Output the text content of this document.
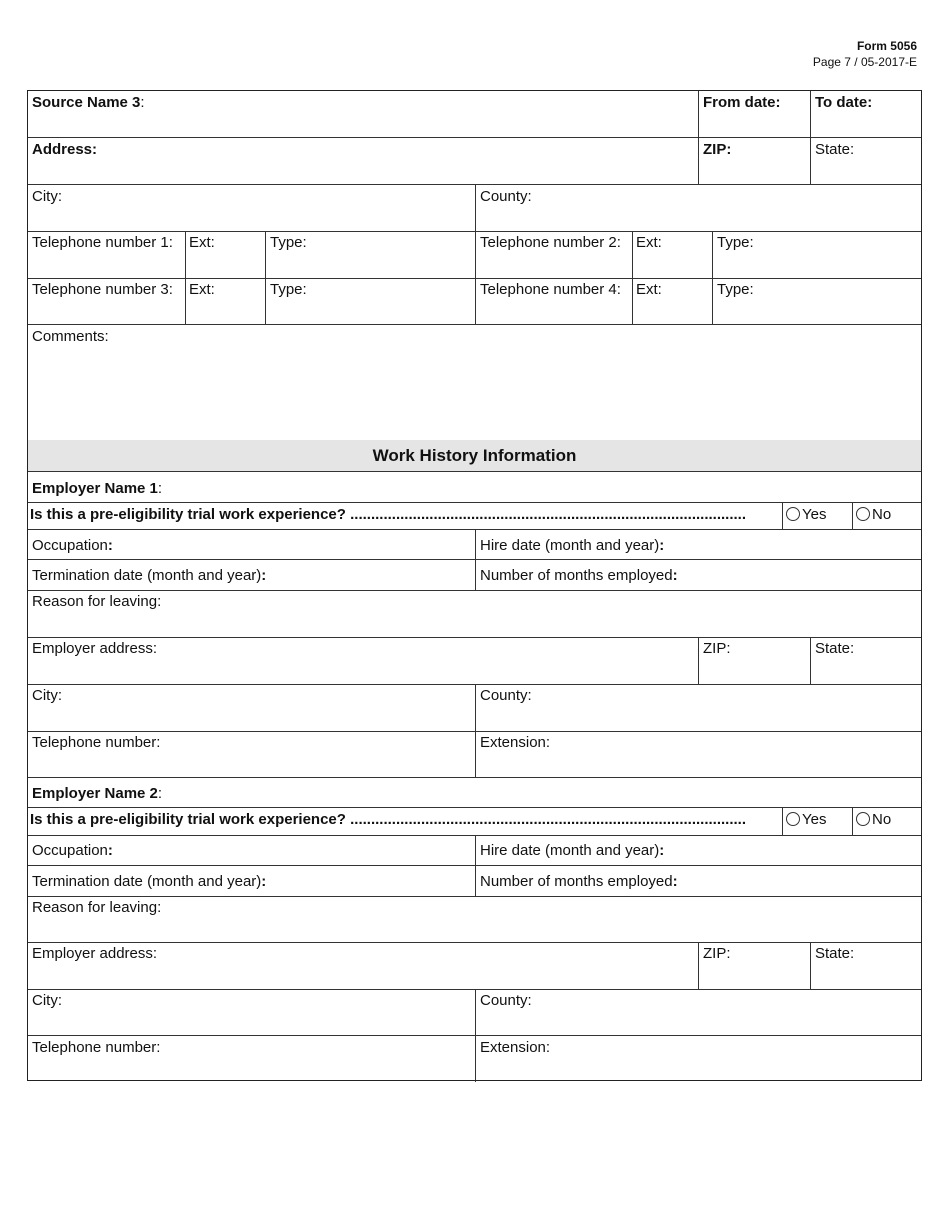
Form 5056
Page 7 / 05-2017-E
Source Name 3:	From date: To date:
Address:	ZIP:	State:
City:	County:
Telephone number 1: Ext:	Type:	Telephone number 2: Ext:	Type:
Telephone number 3: Ext:	Type:	Telephone number 4: Ext:	Type:
Comments:
Work History Information
Employer Name 1:
Is this a pre-eligibility trial work experience? ...............................................................................................	Yes	No
Occupation:	Hire date (month and year):
Termination date (month and year):	Number of months employed:
Reason for leaving:
Employer address:	ZIP:	State:
City:	County:
Telephone number:	Extension:
Employer Name 2:
Is this a pre-eligibility trial work experience? ...............................................................................................	Yes	No
Occupation:	Hire date (month and year):
Termination date (month and year):	Number of months employed:
Reason for leaving:
Employer address:	ZIP:	State:
City:	County:
Telephone number:	Extension:
